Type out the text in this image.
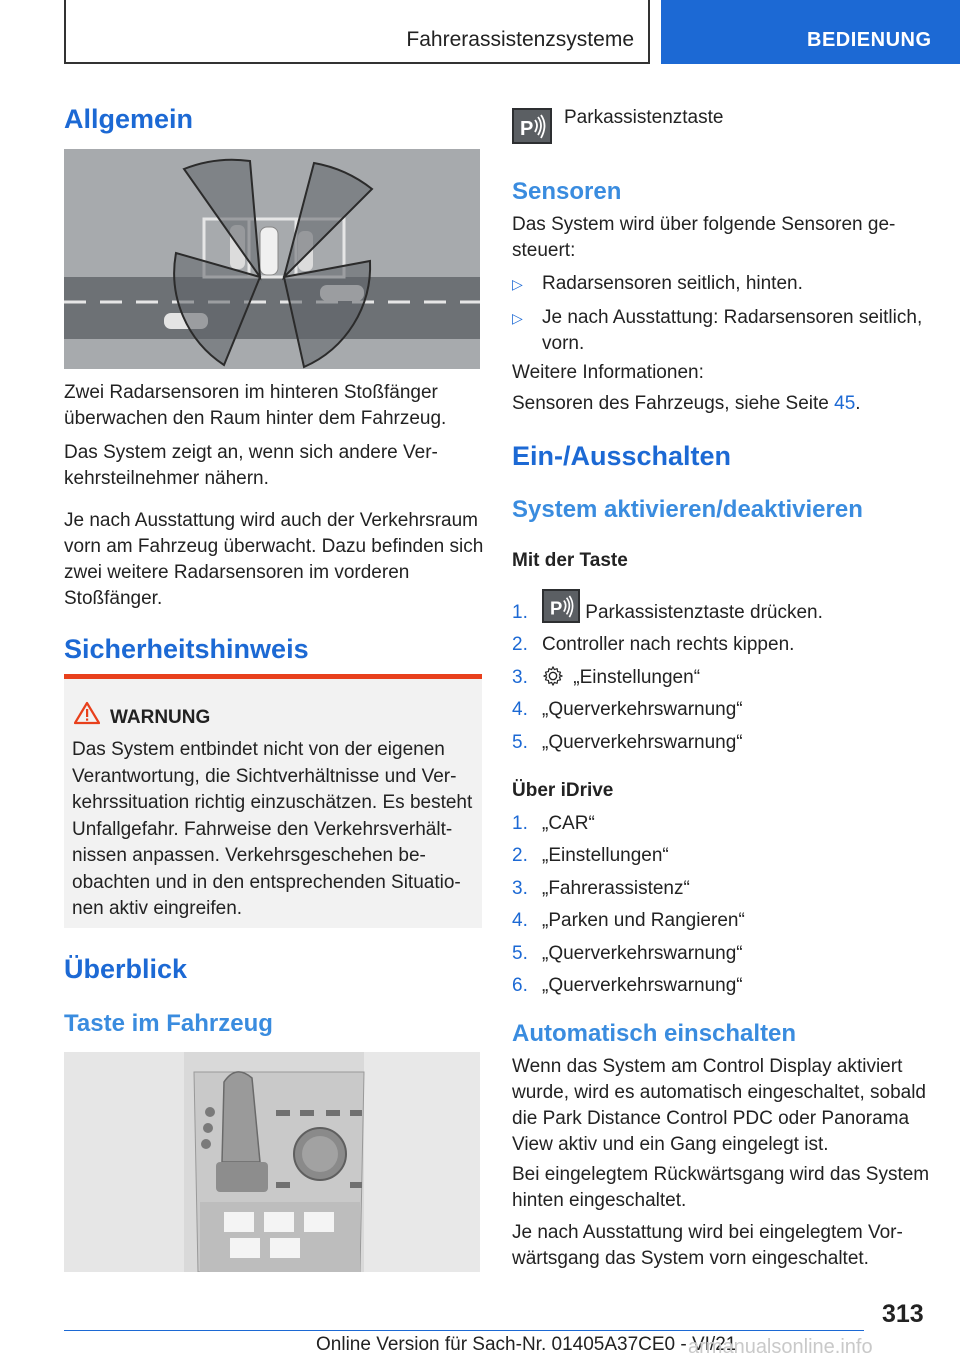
Fahrerassistenzsysteme	BEDIENUNG
Allgemein

Zwei Radarsensoren im hinteren Stoßfänger überwachen den Raum hinter dem Fahrzeug.

Das System zeigt an, wenn sich andere Verkehrsteilnehmer nähern.

Je nach Ausstattung wird auch der Verkehrsraum vorn am Fahrzeug überwacht. Dazu befinden sich zwei weitere Radarsensoren im vorderen Stoßfänger.

Sicherheitshinweis
WARNUNG

Das System entbindet nicht von der eigenen Verantwortung, die Sichtverhältnisse und Verkehrssituation richtig einzuschätzen. Es besteht Unfallgefahr. Fahrweise den Verkehrsverhältnissen anpassen. Verkehrsgeschehen beobachten und in den entsprechenden Situationen aktiv eingreifen.

Überblick
Taste im Fahrzeug
P

Parkassistenztaste

Sensoren

Das System wird über folgende Sensoren gesteuert:

▷ Radarsensoren seitlich, hinten.
▷ Je nach Ausstattung: Radarsensoren seitlich, vorn.

Weitere Informationen:

Sensoren des Fahrzeugs, siehe Seite 45.

Ein-/Ausschalten
System aktivieren/deaktivieren
Mit der Taste
1. P Parkassistenztaste drücken.
2. Controller nach rechts kippen.
3. „Einstellungen“
4. „Querverkehrswarnung“
5. „Querverkehrswarnung“
Über iDrive
1. „CAR“
2. „Einstellungen“
3. „Fahrerassistenz“
4. „Parken und Rangieren“
5. „Querverkehrswarnung“
6. „Querverkehrswarnung“
Automatisch einschalten

Wenn das System am Control Display aktiviert wurde, wird es automatisch eingeschaltet, sobald die Park Distance Control PDC oder Panorama View aktiv und ein Gang eingelegt ist.

Bei eingelegtem Rückwärtsgang wird das System hinten eingeschaltet.

Je nach Ausstattung wird bei eingelegtem Vorwärtsgang das System vorn eingeschaltet.

313
Online Version für Sach-Nr. 01405A37CE0 - VI/21
armanualsonline.info
